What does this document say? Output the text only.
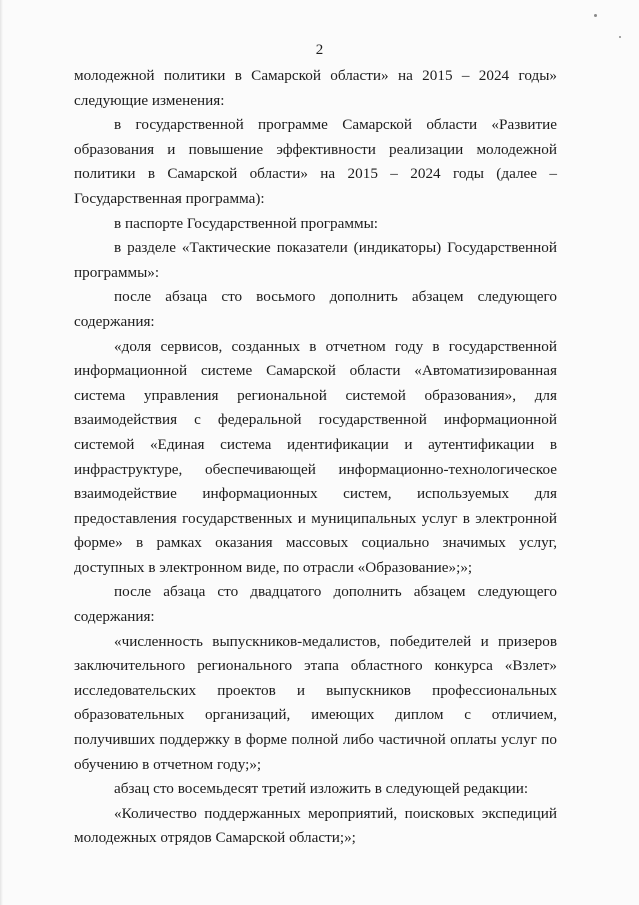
2

молодежной политики в Самарской области» на 2015 – 2024 годы» следующие изменения:

в государственной программе Самарской области «Развитие образования и повышение эффективности реализации молодежной политики в Самарской области» на 2015 – 2024 годы (далее – Государственная программа):

в паспорте Государственной программы:

в разделе «Тактические показатели (индикаторы) Государственной программы»:

после абзаца сто восьмого дополнить абзацем следующего содержания:

«доля сервисов, созданных в отчетном году в государственной информационной системе Самарской области «Автоматизированная система управления региональной системой образования», для взаимодействия с федеральной государственной информационной системой «Единая система идентификации и аутентификации в инфраструктуре, обеспечивающей информационно-технологическое взаимодействие информационных систем, используемых для предоставления государственных и муниципальных услуг в электронной форме» в рамках оказания массовых социально значимых услуг, доступных в электронном виде, по отрасли «Образование»;»;

после абзаца сто двадцатого дополнить абзацем следующего содержания:

«численность выпускников-медалистов, победителей и призеров заключительного регионального этапа областного конкурса «Взлет» исследовательских проектов и выпускников профессиональных образовательных организаций, имеющих диплом с отличием, получивших поддержку в форме полной либо частичной оплаты услуг по обучению в отчетном году;»;

абзац сто восемьдесят третий изложить в следующей редакции:

«Количество поддержанных мероприятий, поисковых экспедиций молодежных отрядов Самарской области;»;
